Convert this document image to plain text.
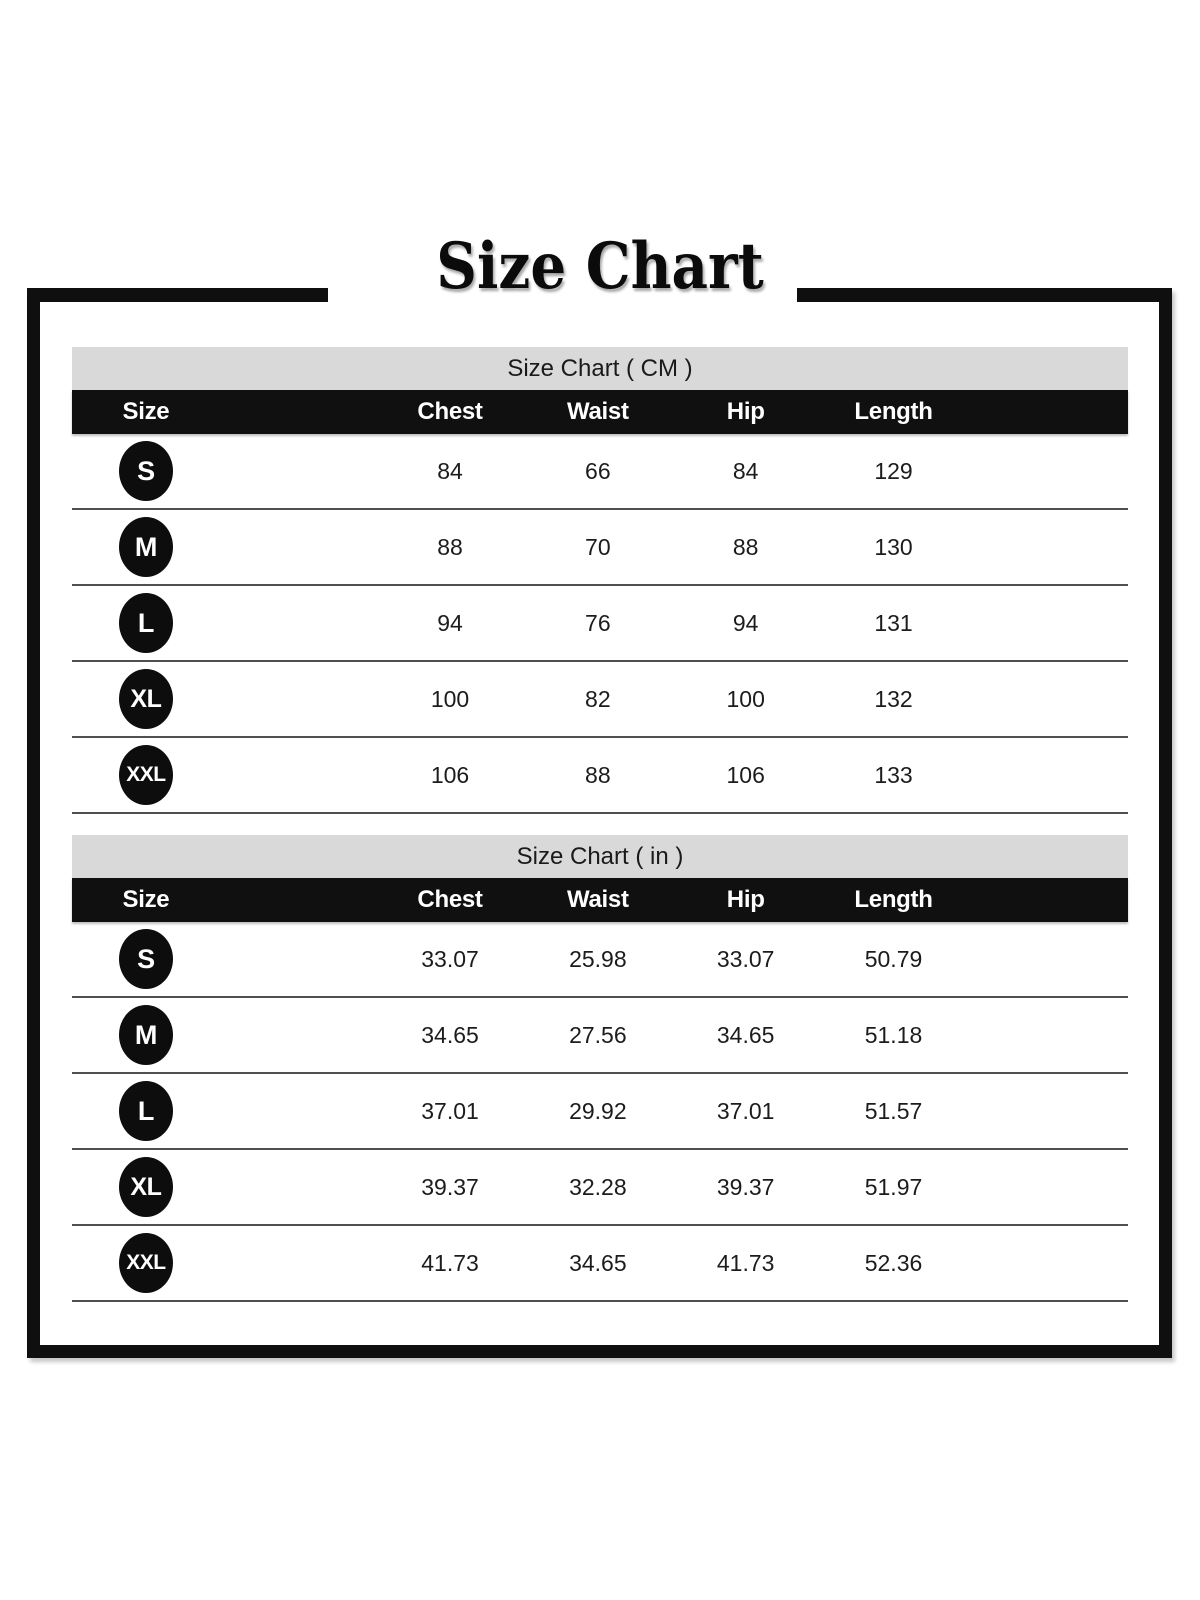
Size Chart
Size Chart ( CM )
Size	Chest	Waist	Hip	Length
S	84	66	84	129
M	88	70	88	130
L	94	76	94	131
XL	100	82	100	132
XXL	106	88	106	133
Size Chart ( in )
Size	Chest	Waist	Hip	Length
S	33.07	25.98	33.07	50.79
M	34.65	27.56	34.65	51.18
L	37.01	29.92	37.01	51.57
XL	39.37	32.28	39.37	51.97
XXL	41.73	34.65	41.73	52.36
